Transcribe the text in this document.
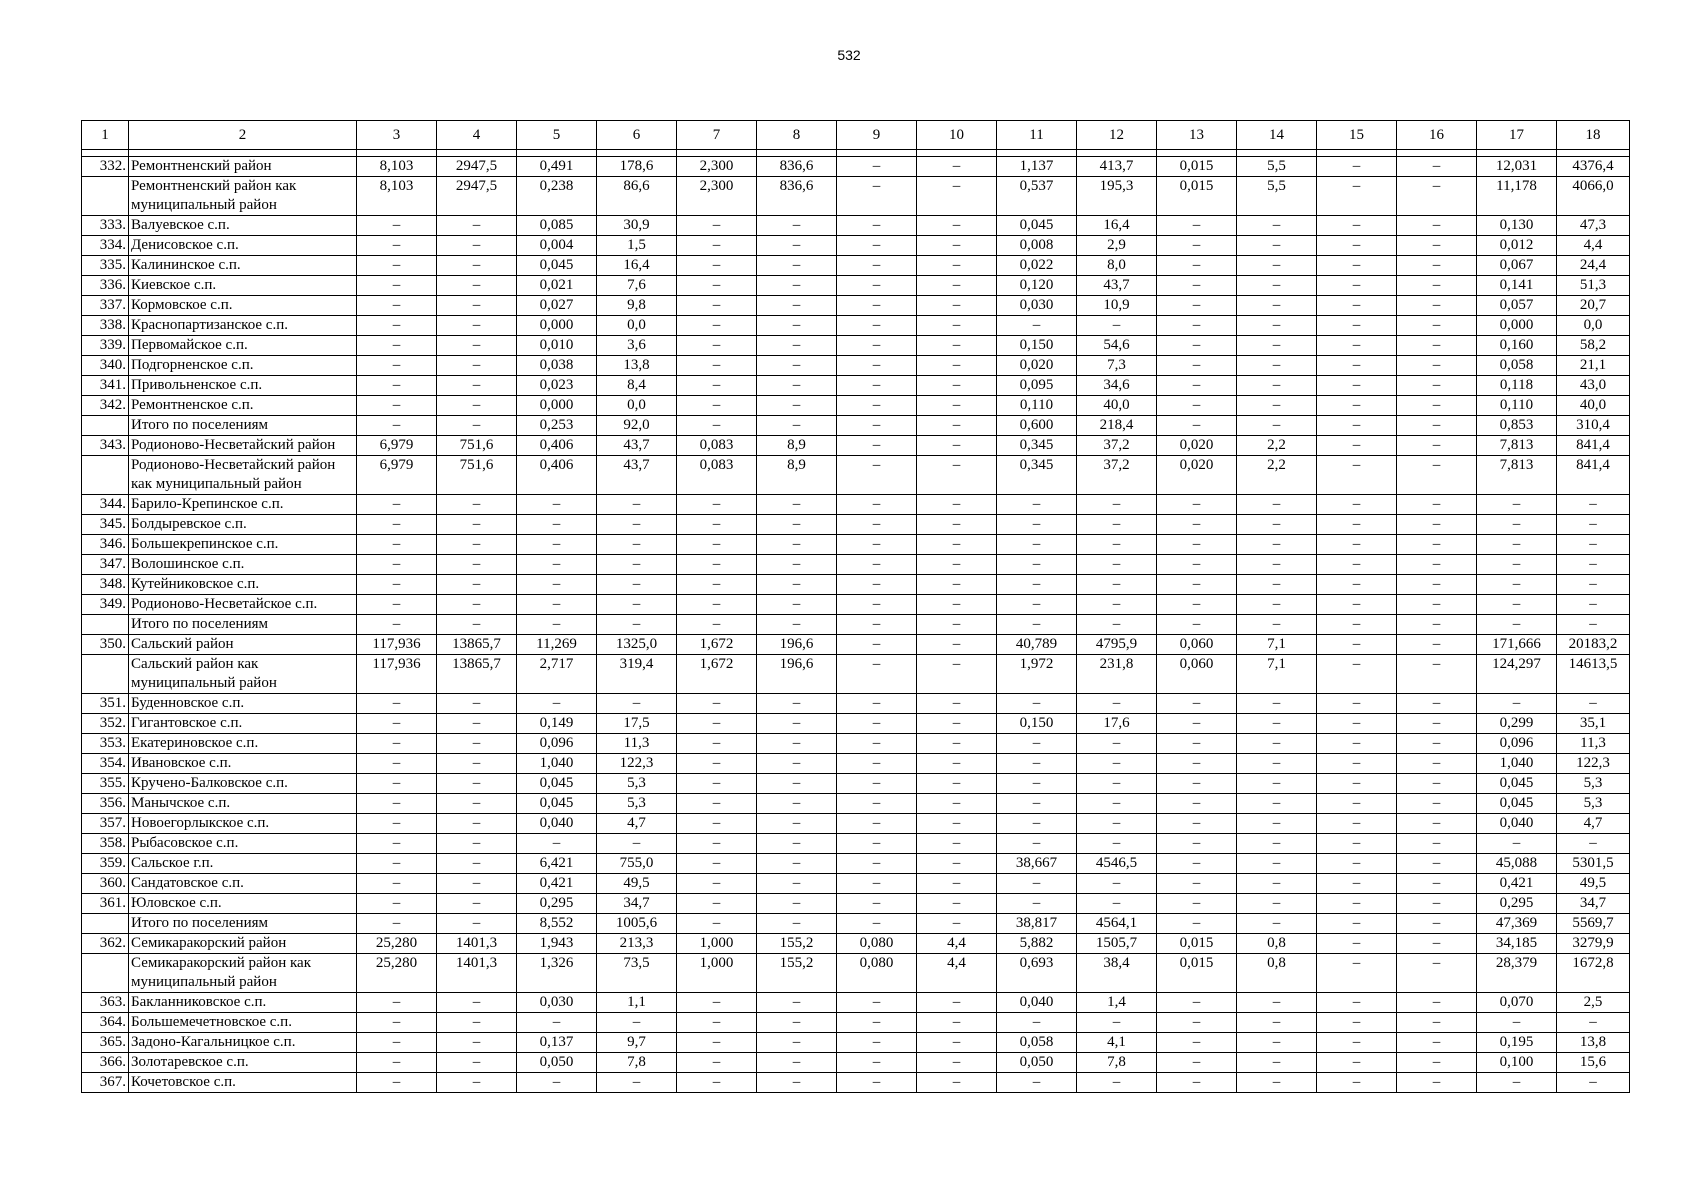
532
1	2	3	4	5	6	7	8	9	10	11	12	13	14	15	16	17	18

332.	Ремонтненский район	8,103	2947,5	0,491	178,6	2,300	836,6	–	–	1,137	413,7	0,015	5,5	–	–	12,031	4376,4
	Ремонтненский район как муниципальный район	8,103	2947,5	0,238	86,6	2,300	836,6	–	–	0,537	195,3	0,015	5,5	–	–	11,178	4066,0
333.	Валуевское с.п.	–	–	0,085	30,9	–	–	–	–	0,045	16,4	–	–	–	–	0,130	47,3
334.	Денисовское с.п.	–	–	0,004	1,5	–	–	–	–	0,008	2,9	–	–	–	–	0,012	4,4
335.	Калининское с.п.	–	–	0,045	16,4	–	–	–	–	0,022	8,0	–	–	–	–	0,067	24,4
336.	Киевское с.п.	–	–	0,021	7,6	–	–	–	–	0,120	43,7	–	–	–	–	0,141	51,3
337.	Кормовское с.п.	–	–	0,027	9,8	–	–	–	–	0,030	10,9	–	–	–	–	0,057	20,7
338.	Краснопартизанское с.п.	–	–	0,000	0,0	–	–	–	–	–	–	–	–	–	–	0,000	0,0
339.	Первомайское с.п.	–	–	0,010	3,6	–	–	–	–	0,150	54,6	–	–	–	–	0,160	58,2
340.	Подгорненское с.п.	–	–	0,038	13,8	–	–	–	–	0,020	7,3	–	–	–	–	0,058	21,1
341.	Привольненское с.п.	–	–	0,023	8,4	–	–	–	–	0,095	34,6	–	–	–	–	0,118	43,0
342.	Ремонтненское с.п.	–	–	0,000	0,0	–	–	–	–	0,110	40,0	–	–	–	–	0,110	40,0
	Итого по поселениям	–	–	0,253	92,0	–	–	–	–	0,600	218,4	–	–	–	–	0,853	310,4
343.	Родионово-Несветайский район	6,979	751,6	0,406	43,7	0,083	8,9	–	–	0,345	37,2	0,020	2,2	–	–	7,813	841,4
	Родионово-Несветайский район как муниципальный район	6,979	751,6	0,406	43,7	0,083	8,9	–	–	0,345	37,2	0,020	2,2	–	–	7,813	841,4
344.	Барило-Крепинское с.п.	–	–	–	–	–	–	–	–	–	–	–	–	–	–	–	–
345.	Болдыревское с.п.	–	–	–	–	–	–	–	–	–	–	–	–	–	–	–	–
346.	Большекрепинское с.п.	–	–	–	–	–	–	–	–	–	–	–	–	–	–	–	–
347.	Волошинское с.п.	–	–	–	–	–	–	–	–	–	–	–	–	–	–	–	–
348.	Кутейниковское с.п.	–	–	–	–	–	–	–	–	–	–	–	–	–	–	–	–
349.	Родионово-Несветайское с.п.	–	–	–	–	–	–	–	–	–	–	–	–	–	–	–	–
	Итого по поселениям	–	–	–	–	–	–	–	–	–	–	–	–	–	–	–	–
350.	Сальский район	117,936	13865,7	11,269	1325,0	1,672	196,6	–	–	40,789	4795,9	0,060	7,1	–	–	171,666	20183,2
	Сальский район как муниципальный район	117,936	13865,7	2,717	319,4	1,672	196,6	–	–	1,972	231,8	0,060	7,1	–	–	124,297	14613,5
351.	Буденновское с.п.	–	–	–	–	–	–	–	–	–	–	–	–	–	–	–	–
352.	Гигантовское с.п.	–	–	0,149	17,5	–	–	–	–	0,150	17,6	–	–	–	–	0,299	35,1
353.	Екатериновское с.п.	–	–	0,096	11,3	–	–	–	–	–	–	–	–	–	–	0,096	11,3
354.	Ивановское с.п.	–	–	1,040	122,3	–	–	–	–	–	–	–	–	–	–	1,040	122,3
355.	Кручено-Балковское с.п.	–	–	0,045	5,3	–	–	–	–	–	–	–	–	–	–	0,045	5,3
356.	Манычское с.п.	–	–	0,045	5,3	–	–	–	–	–	–	–	–	–	–	0,045	5,3
357.	Новоегорлыкское с.п.	–	–	0,040	4,7	–	–	–	–	–	–	–	–	–	–	0,040	4,7
358.	Рыбасовское с.п.	–	–	–	–	–	–	–	–	–	–	–	–	–	–	–	–
359.	Сальское г.п.	–	–	6,421	755,0	–	–	–	–	38,667	4546,5	–	–	–	–	45,088	5301,5
360.	Сандатовское с.п.	–	–	0,421	49,5	–	–	–	–	–	–	–	–	–	–	0,421	49,5
361.	Юловское с.п.	–	–	0,295	34,7	–	–	–	–	–	–	–	–	–	–	0,295	34,7
	Итого по поселениям	–	–	8,552	1005,6	–	–	–	–	38,817	4564,1	–	–	–	–	47,369	5569,7
362.	Семикаракорский район	25,280	1401,3	1,943	213,3	1,000	155,2	0,080	4,4	5,882	1505,7	0,015	0,8	–	–	34,185	3279,9
	Семикаракорский район как муниципальный район	25,280	1401,3	1,326	73,5	1,000	155,2	0,080	4,4	0,693	38,4	0,015	0,8	–	–	28,379	1672,8
363.	Бакланниковское с.п.	–	–	0,030	1,1	–	–	–	–	0,040	1,4	–	–	–	–	0,070	2,5
364.	Большемечетновское с.п.	–	–	–	–	–	–	–	–	–	–	–	–	–	–	–	–
365.	Задоно-Кагальницкое с.п.	–	–	0,137	9,7	–	–	–	–	0,058	4,1	–	–	–	–	0,195	13,8
366.	Золотаревское с.п.	–	–	0,050	7,8	–	–	–	–	0,050	7,8	–	–	–	–	0,100	15,6
367.	Кочетовское с.п.	–	–	–	–	–	–	–	–	–	–	–	–	–	–	–	–
